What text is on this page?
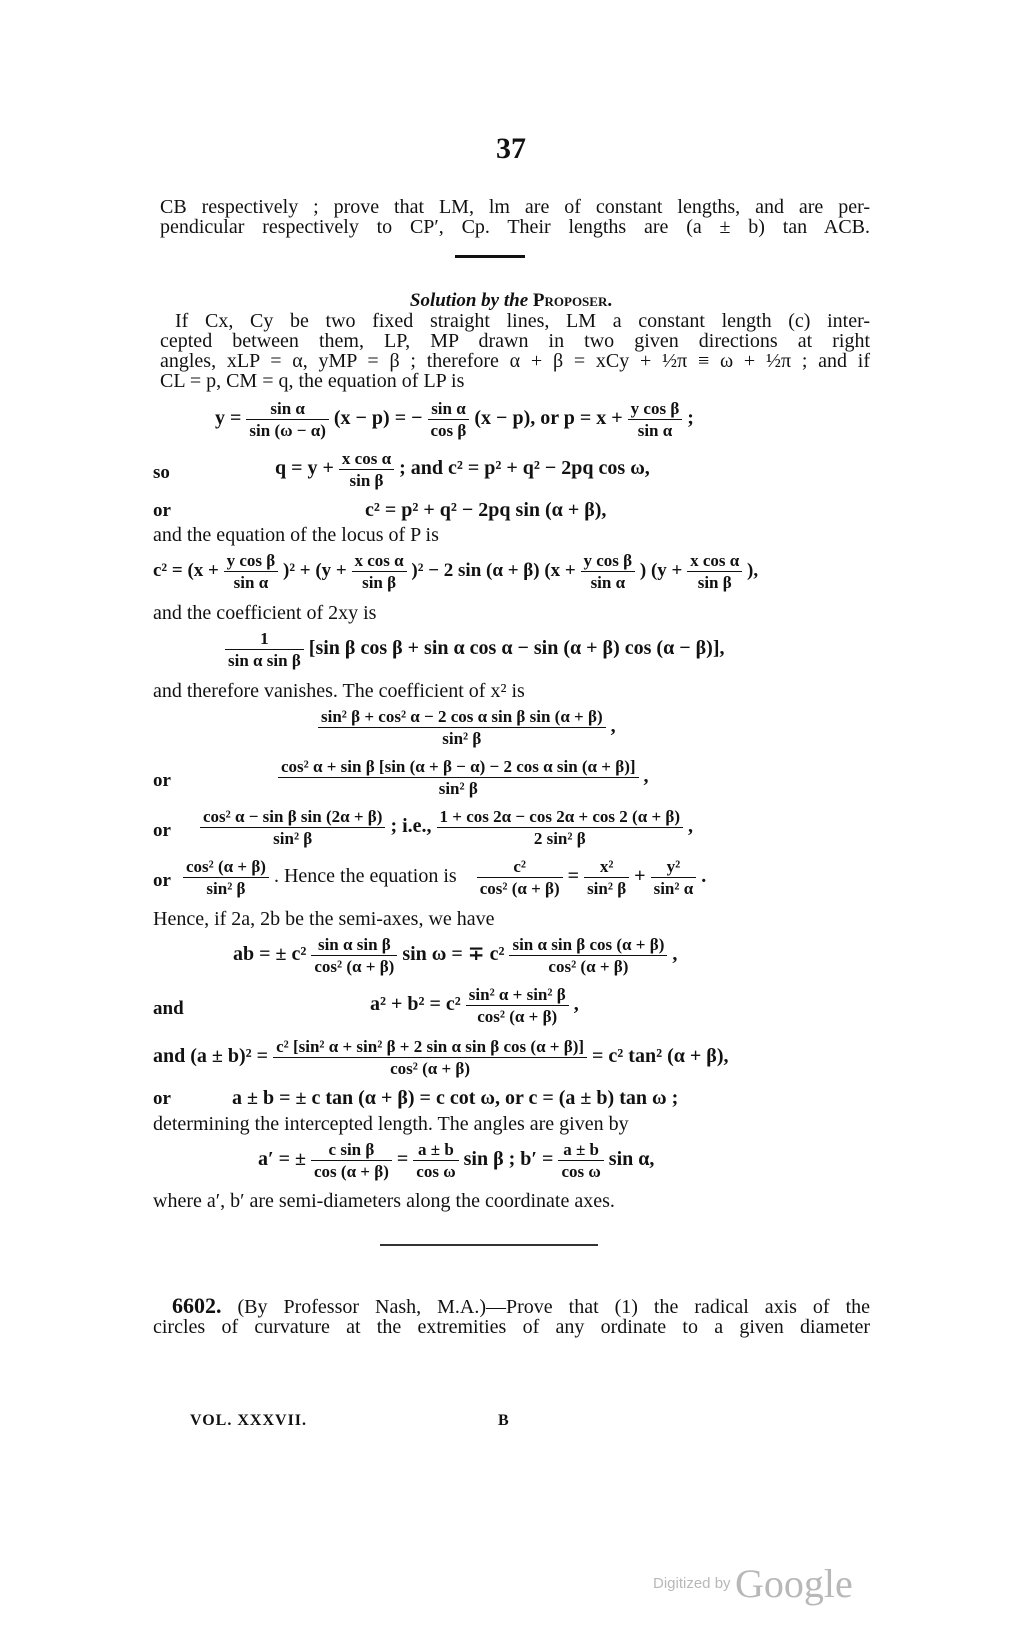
37
CB respectively ; prove that LM, lm are of constant lengths, and are per-
pendicular respectively to CP′, Cp. Their lengths are (a ± b) tan ACB.
Solution by the Proposer.
If Cx, Cy be two fixed straight lines, LM a constant length (c) inter-
cepted between them, LP, MP drawn in two given directions at right
angles, xLP = α, yMP = β ; therefore α + β = xCy + ½π ≡ ω + ½π ; and if
CL = p, CM = q, the equation of LP is
$y = \frac{\text{sin α}}{\sin (\omega - \alpha)} (x - p)$ = − $\frac{\text{sin α}}{\text{cos β}} (x - p)$, or $p = x + \frac{\text{y cos β}}{\text{sin α}}$ ;
so	$q = y + \frac{\text{x cos α}}{\text{sin β}}$ ; and c² = p² + q² − 2pq cos ω,
or	c² = p² + q² − 2pq sin (α + β),
and the equation of the locus of P is
$c^2 = (x + \frac{\text{y cos β}}{\text{sin α}} )^2 + (y + \frac{\text{x cos α}}{\text{sin β}} )^2 - 2$ sin (α + β) ($x + \frac{\text{y cos β}}{\text{sin α}}$ ) ($y + \frac{\text{x cos α}}{\text{sin β}}$ ),
and the coefficient of 2xy is
$\frac{1}{\text{sin α sin β}} [\sin$ β cos β + sin α cos α − sin (α + β) cos (α − β)],
and therefore vanishes. The coefficient of x² is
$\frac{\text{sin² β + cos² α − 2 cos α sin β sin (α + β)}}{\text{sin² β}}$ ,
or	$\frac{\text{cos² α + sin β [sin (α + β − α) − 2 cos α sin (α + β)]}}{\text{sin² β}}$ ,
or $\frac{\text{cos² α − sin β sin (2α + β)}}{\text{sin² β}}$ ; i.e., $\frac{1 + \cos 2\alpha - \cos 2\alpha + \cos 2 (\alpha + \beta)}{\text{2 sin² β}}$ ,
or $\frac{\text{cos² (α + β)}}{\text{sin² β}}$ . Hence the equation is $\frac{\text{c²}}{\text{cos² (α + β)}} = \frac{\text{x²}}{\text{sin² β}} + \frac{\text{y²}}{\text{sin² α}}$ .
Hence, if 2a, 2b be the semi-axes, we have
ab = ± $c^2 \frac{\text{sin α sin β}}{\text{cos² (α + β)}}$ sin ω = ∓ $c^2 \frac{\text{sin α sin β cos (α + β)}}{\text{cos² (α + β)}}$ ,
and	$a^2 + b^2 = c^2 \frac{\text{sin² α + sin² β}}{\text{cos² (α + β)}}$ ,
and $(a \pm b)^2 = \frac{\text{c² [sin² α + sin² β + 2 sin α sin β cos (α + β)]}}{\text{cos² (α + β)}} = c^2$ tan² (α + β),
or	a ± b = ± c tan (α + β) = c cot ω, or c = (a ± b) tan ω ;
determining the intercepted length. The angles are given by
a′ = ± $\frac{\text{c sin β}}{\cos (\alpha + \beta)} = \frac{a \pm b}{\text{cos ω}}$ sin β ; $b' = \frac{a \pm b}{\text{cos ω}}$ sin α,
where a′, b′ are semi-diameters along the coordinate axes.
6602. (By Professor Nash, M.A.)—Prove that (1) the radical axis of the
circles of curvature at the extremities of any ordinate to a given diameter
VOL. XXXVII.	B
Digitized by Google
